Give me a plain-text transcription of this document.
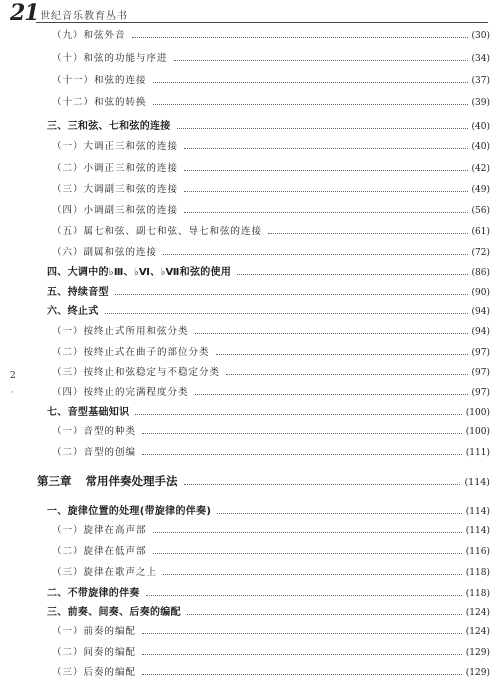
21 世纪音乐教育丛书
2
·
（九）和弦外音	(30)
（十）和弦的功能与序进	(34)
（十一）和弦的连接	(37)
（十二）和弦的转换	(39)
三、三和弦、七和弦的连接	(40)
（一）大调正三和弦的连接	(40)
（二）小调正三和弦的连接	(42)
（三）大调副三和弦的连接	(49)
（四）小调副三和弦的连接	(56)
（五）属七和弦、副七和弦、导七和弦的连接	(61)
（六）副属和弦的连接	(72)
四、大调中的♭Ⅲ、♭Ⅵ、♭Ⅶ和弦的使用	(86)
五、持续音型	(90)
六、终止式	(94)
（一）按终止式所用和弦分类	(94)
（二）按终止式在曲子的部位分类	(97)
（三）按终止和弦稳定与不稳定分类	(97)
（四）按终止的完满程度分类	(97)
七、音型基础知识	(100)
（一）音型的种类	(100)
（二）音型的创编	(111)
第三章 常用伴奏处理手法	(114)
一、旋律位置的处理(带旋律的伴奏)	(114)
（一）旋律在高声部	(114)
（二）旋律在低声部	(116)
（三）旋律在歌声之上	(118)
二、不带旋律的伴奏	(118)
三、前奏、间奏、后奏的编配	(124)
（一）前奏的编配	(124)
（二）间奏的编配	(129)
（三）后奏的编配	(129)
